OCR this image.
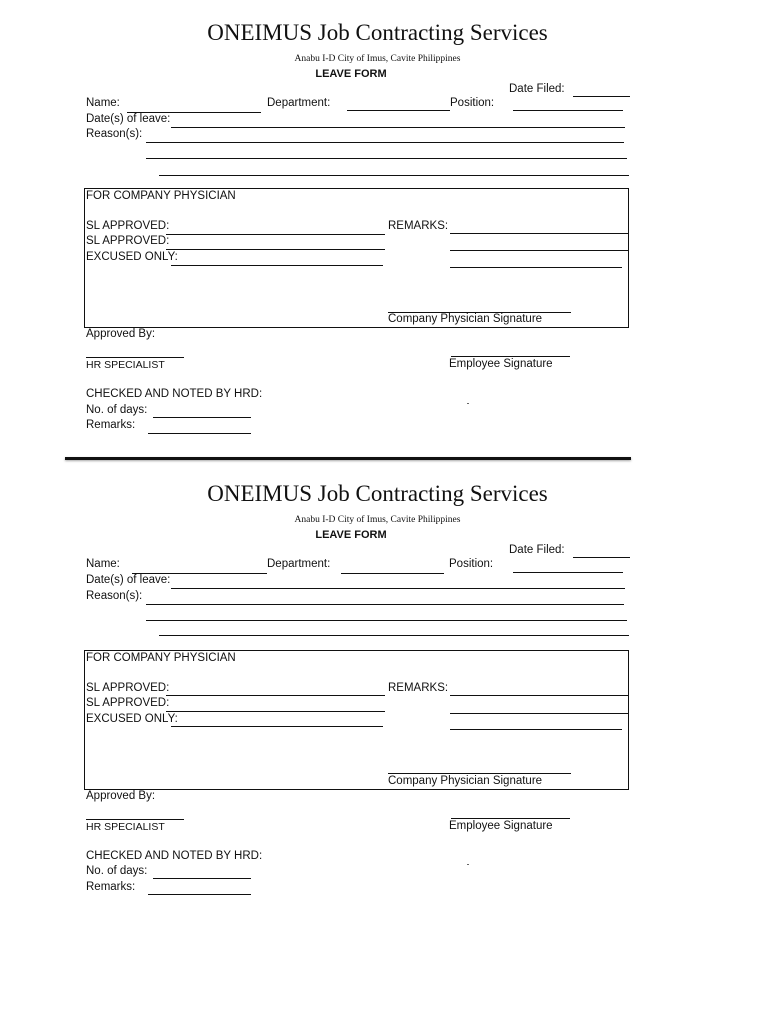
ONEIMUS Job Contracting Services
Anabu I-D City of Imus, Cavite Philippines
LEAVE FORM
Date Filed:
Name:	Department:	Position:
Date(s) of leave:
Reason(s):
FOR COMPANY PHYSICIAN
SL APPROVED:	REMARKS:
SL APPROVED:
EXCUSED ONLY:
Company Physician Signature
Approved By:
HR SPECIALIST	Employee Signature
CHECKED AND NOTED BY HRD:
No. of days:
Remarks:
ONEIMUS Job Contracting Services
Anabu I-D City of Imus, Cavite Philippines
LEAVE FORM
Date Filed:
Name:	Department:	Position:
Date(s) of leave:
Reason(s):
FOR COMPANY PHYSICIAN
SL APPROVED:	REMARKS:
SL APPROVED:
EXCUSED ONLY:
Company Physician Signature
Approved By:
HR SPECIALIST	Employee Signature
CHECKED AND NOTED BY HRD:
No. of days:
Remarks:
